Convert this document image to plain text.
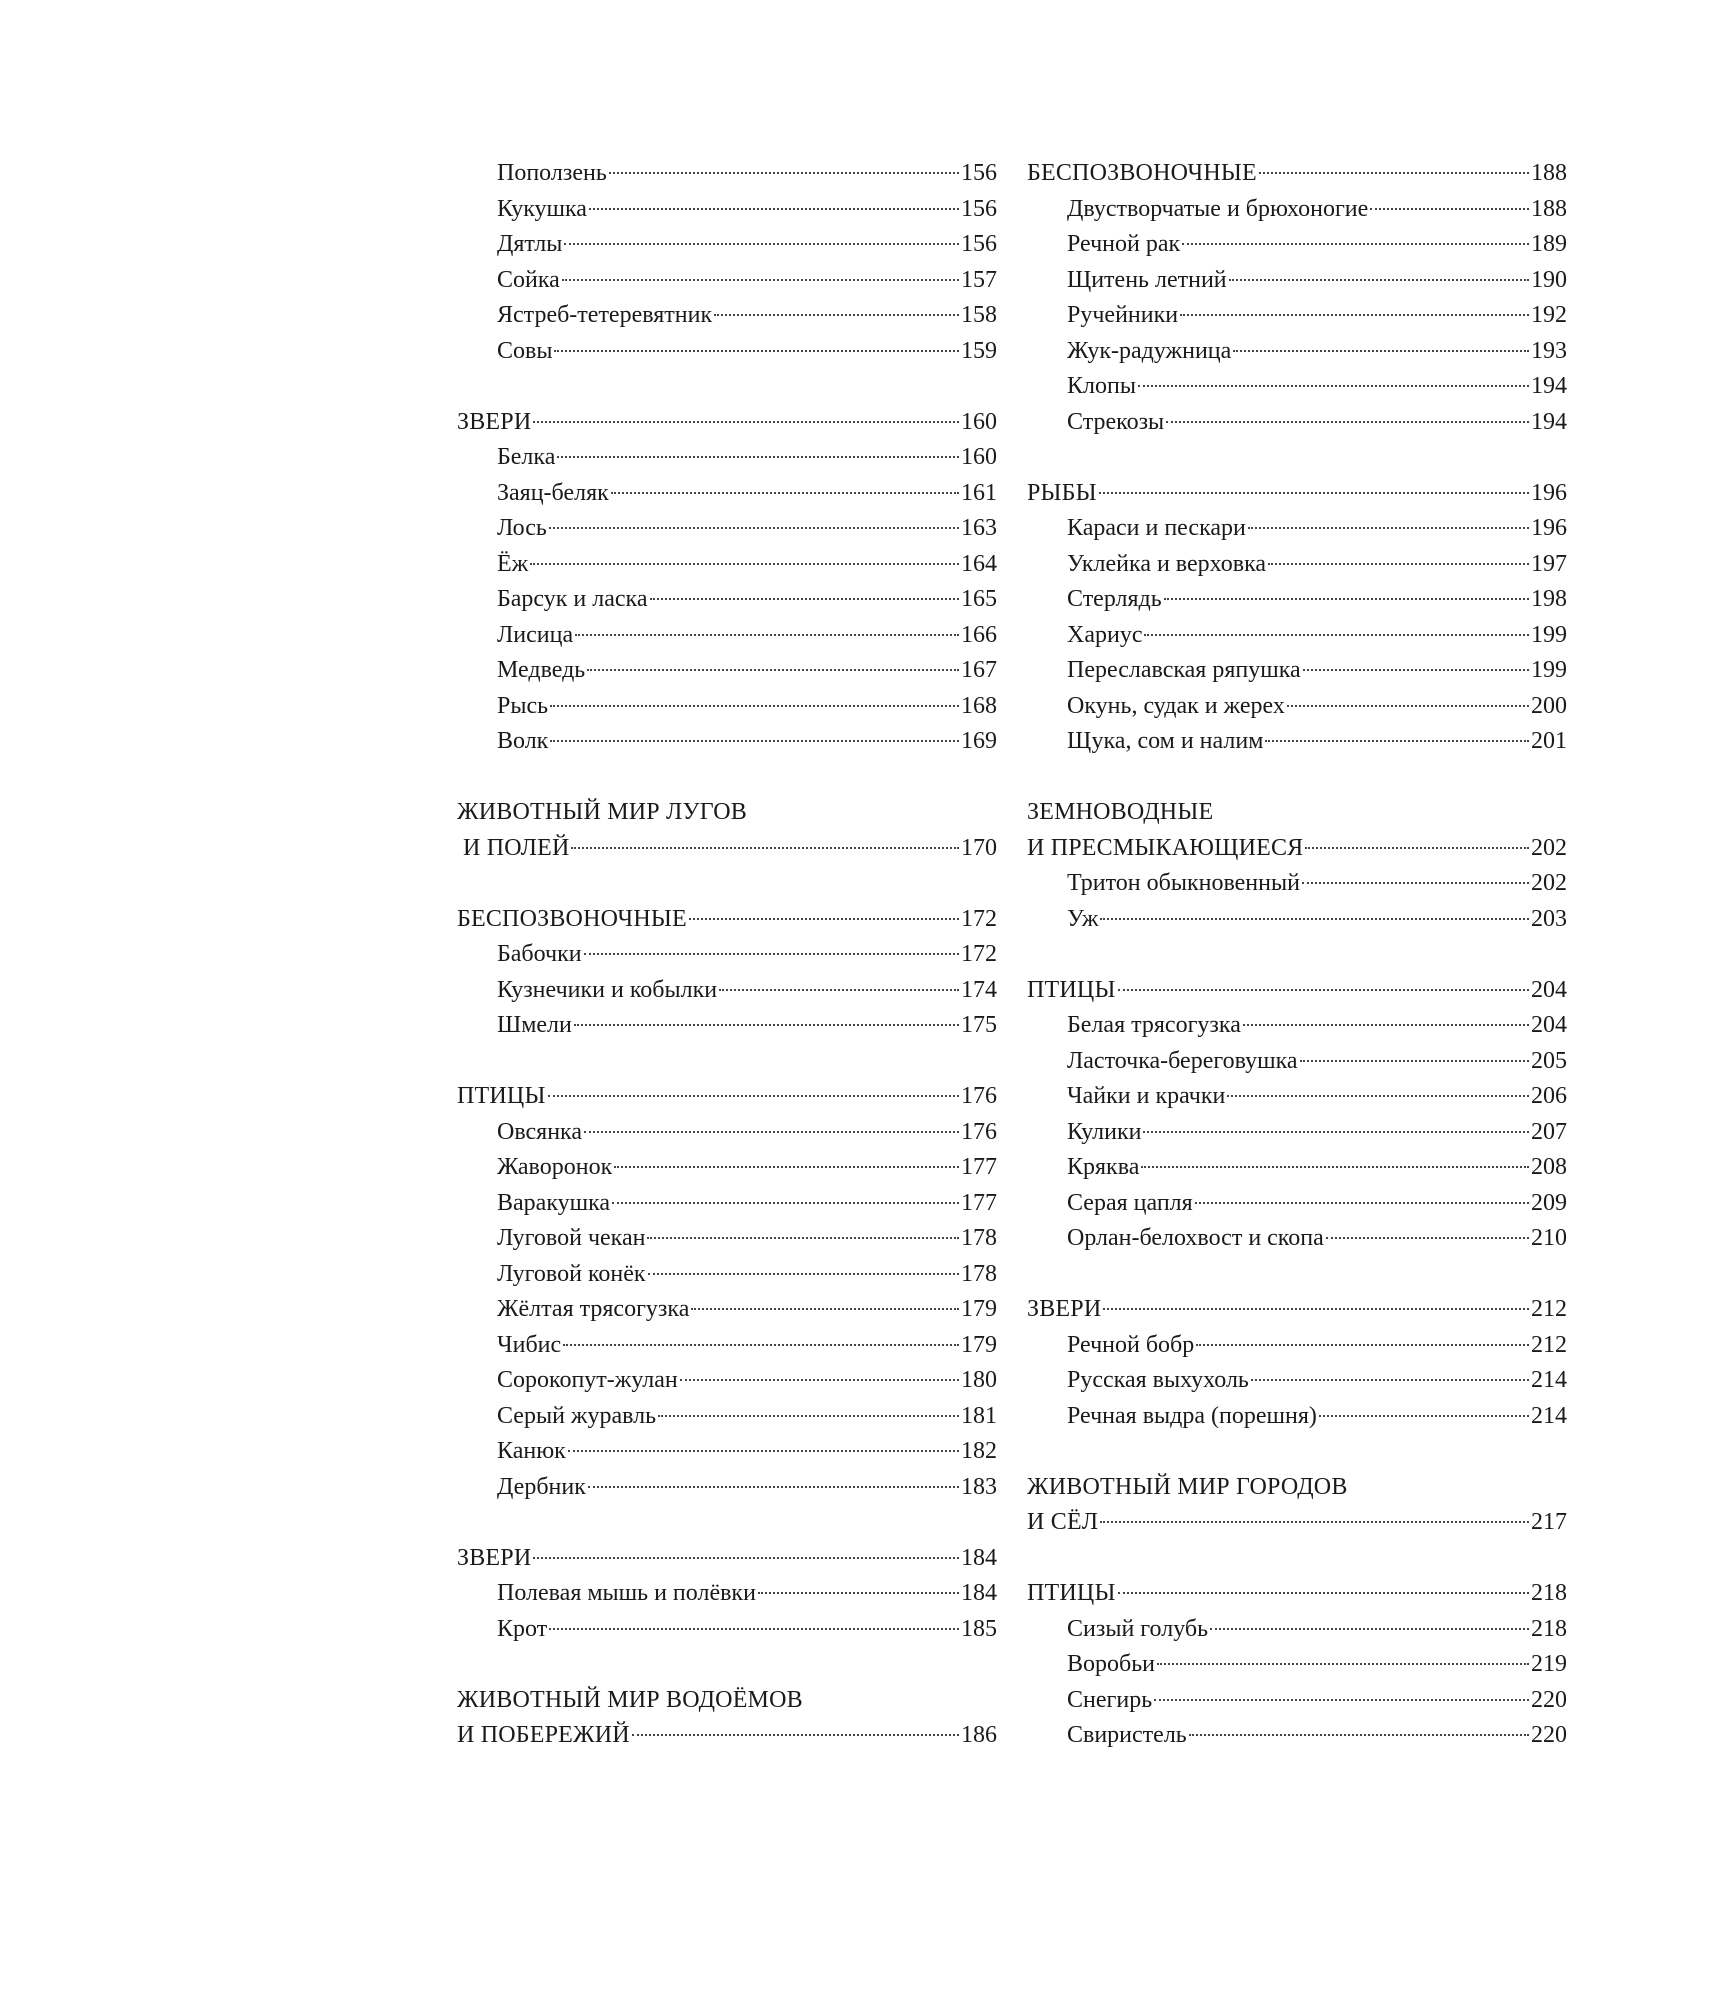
Поползень	156
Кукушка	156
Дятлы	156
Сойка	157
Ястреб-тетеревятник	158
Совы	159
ЗВЕРИ	160
Белка	160
Заяц-беляк	161
Лось	163
Ёж	164
Барсук и ласка	165
Лисица	166
Медведь	167
Рысь	168
Волк	169
ЖИВОТНЫЙ МИР ЛУГОВ
И ПОЛЕЙ	170
БЕСПОЗВОНОЧНЫЕ	172
Бабочки	172
Кузнечики и кобылки	174
Шмели	175
ПТИЦЫ	176
Овсянка	176
Жаворонок	177
Варакушка	177
Луговой чекан	178
Луговой конёк	178
Жёлтая трясогузка	179
Чибис	179
Сорокопут-жулан	180
Серый журавль	181
Канюк	182
Дербник	183
ЗВЕРИ	184
Полевая мышь и полёвки	184
Крот	185
ЖИВОТНЫЙ МИР ВОДОЁМОВ
И ПОБЕРЕЖИЙ	186
БЕСПОЗВОНОЧНЫЕ	188
Двустворчатые и брюхоногие	188
Речной рак	189
Щитень летний	190
Ручейники	192
Жук-радужница	193
Клопы	194
Стрекозы	194
РЫБЫ	196
Караси и пескари	196
Уклейка и верховка	197
Стерлядь	198
Хариус	199
Переславская ряпушка	199
Окунь, судак и жерех	200
Щука, сом и налим	201
ЗЕМНОВОДНЫЕ
И ПРЕСМЫКАЮЩИЕСЯ	202
Тритон обыкновенный	202
Уж	203
ПТИЦЫ	204
Белая трясогузка	204
Ласточка-береговушка	205
Чайки и крачки	206
Кулики	207
Кряква	208
Серая цапля	209
Орлан-белохвост и скопа	210
ЗВЕРИ	212
Речной бобр	212
Русская выхухоль	214
Речная выдра (порешня)	214
ЖИВОТНЫЙ МИР ГОРОДОВ
И СЁЛ	217
ПТИЦЫ	218
Сизый голубь	218
Воробьи	219
Снегирь	220
Свиристель	220
